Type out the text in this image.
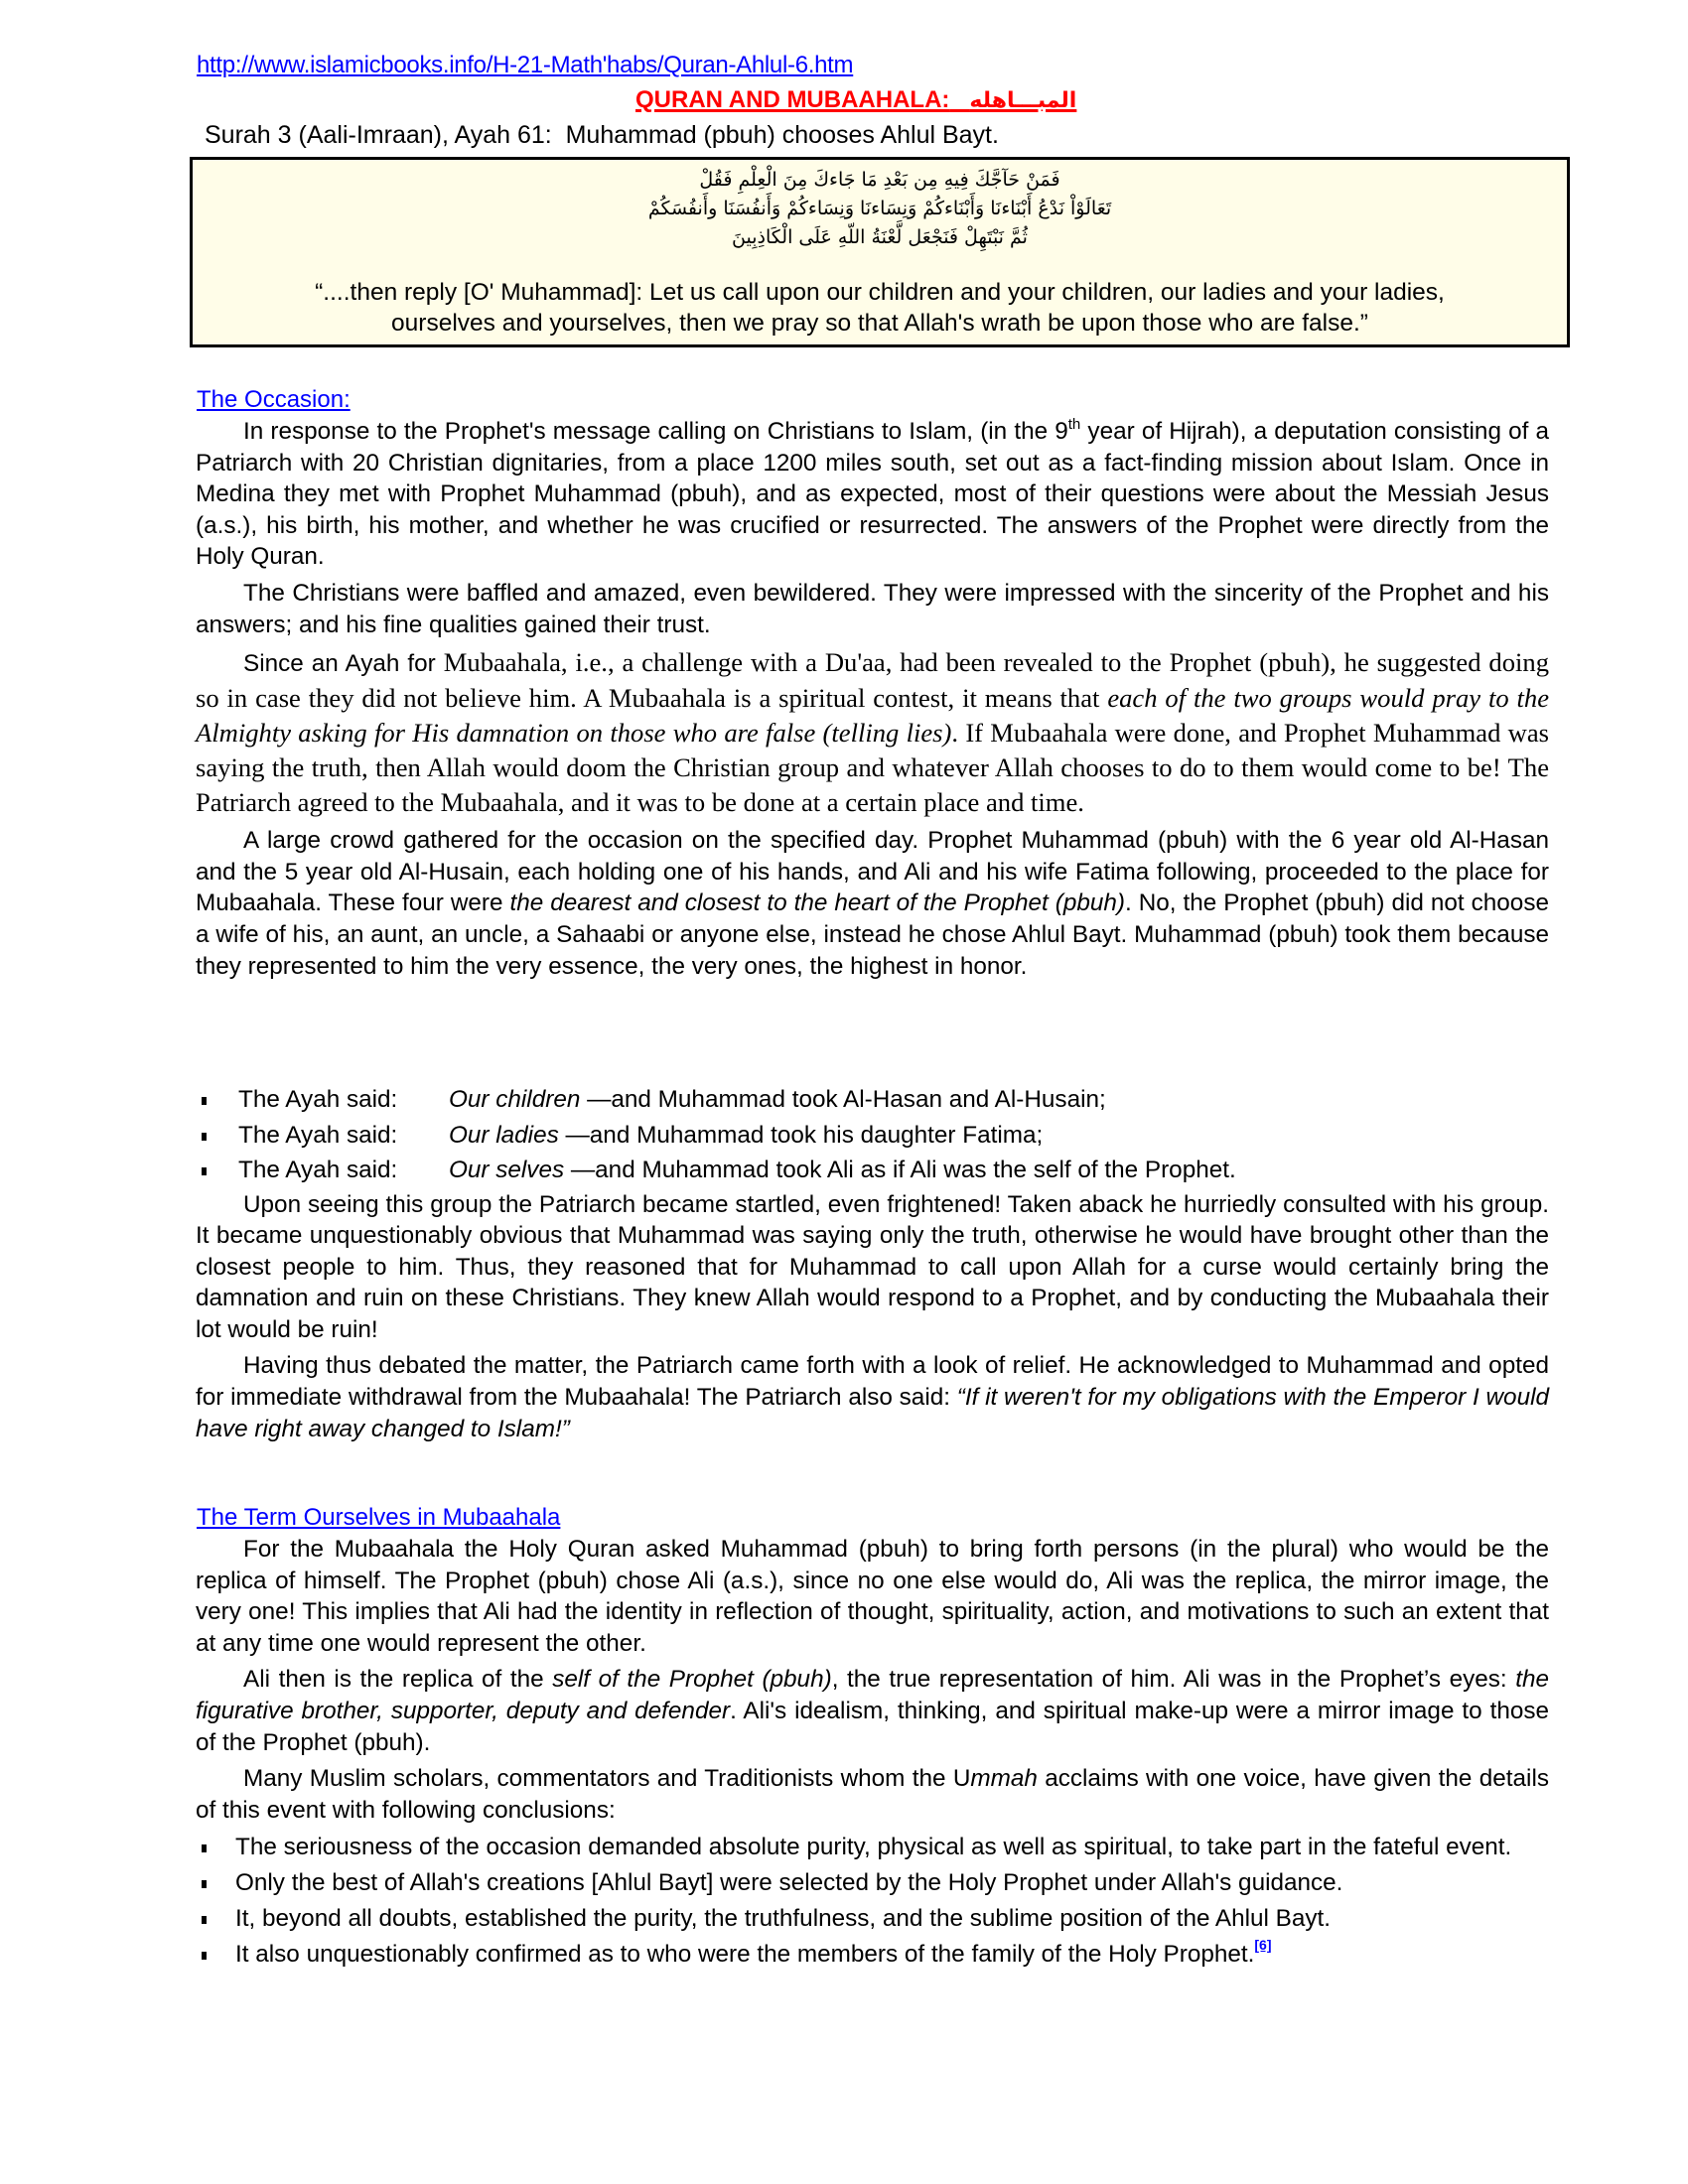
http://www.islamicbooks.info/H-21-Math'habs/Quran-Ahlul-6.htm
QURAN AND MUBAAHALA: المبـــاهله
Surah 3 (Aali-Imraan), Ayah 61:  Muhammad (pbuh) chooses Ahlul Bayt.
فَمَنْ حَآجَّكَ فِيهِ مِن بَعْدِ مَا جَاءكَ مِنَ الْعِلْمِ فَقُلْ
تَعَالَوْاْ نَدْعُ أَبْنَاءنَا وَأَبْنَاءكُمْ وَنِسَاءنَا وَنِسَاءكُمْ وَأَنفُسَنَا وأَنفُسَكُمْ
ثُمَّ نَبْتَهِلْ فَنَجْعَل لَّعْنَةُ اللّهِ عَلَى الْكَاذِبِينَ
“....then reply [O' Muhammad]: Let us call upon our children and your children, our ladies and your ladies,
ourselves and yourselves, then we pray so that Allah's wrath be upon those who are false.”
The Occasion:

In response to the Prophet's message calling on Christians to Islam, (in the 9th year of Hijrah), a deputation consisting of a Patriarch with 20 Christian dignitaries, from a place 1200 miles south, set out as a fact-finding mission about Islam. Once in Medina they met with Prophet Muhammad (pbuh), and as expected, most of their questions were about the Messiah Jesus (a.s.), his birth, his mother, and whether he was crucified or resurrected. The answers of the Prophet were directly from the Holy Quran.

The Christians were baffled and amazed, even bewildered. They were impressed with the sincerity of the Prophet and his answers; and his fine qualities gained their trust.

Since an Ayah for Mubaahala, i.e., a challenge with a Du'aa, had been revealed to the Prophet (pbuh), he suggested doing so in case they did not believe him. A Mubaahala is a spiritual contest, it means that each of the two groups would pray to the Almighty asking for His damnation on those who are false (telling lies). If Mubaahala were done, and Prophet Muhammad was saying the truth, then Allah would doom the Christian group and whatever Allah chooses to do to them would come to be! The Patriarch agreed to the Mubaahala, and it was to be done at a certain place and time.

A large crowd gathered for the occasion on the specified day. Prophet Muhammad (pbuh) with the 6 year old Al-Hasan and the 5 year old Al-Husain, each holding one of his hands, and Ali and his wife Fatima following, proceeded to the place for Mubaahala. These four were the dearest and closest to the heart of the Prophet (pbuh). No, the Prophet (pbuh) did not choose a wife of his, an aunt, an uncle, a Sahaabi or anyone else, instead he chose Ahlul Bayt. Muhammad (pbuh) took them because they represented to him the very essence, the very ones, the highest in honor.

The Ayah said: Our children —and Muhammad took Al-Hasan and Al-Husain;
The Ayah said: Our ladies —and Muhammad took his daughter Fatima;
The Ayah said: Our selves —and Muhammad took Ali as if Ali was the self of the Prophet.

Upon seeing this group the Patriarch became startled, even frightened! Taken aback he hurriedly consulted with his group. It became unquestionably obvious that Muhammad was saying only the truth, otherwise he would have brought other than the closest people to him. Thus, they reasoned that for Muhammad to call upon Allah for a curse would certainly bring the damnation and ruin on these Christians. They knew Allah would respond to a Prophet, and by conducting the Mubaahala their lot would be ruin!

Having thus debated the matter, the Patriarch came forth with a look of relief. He acknowledged to Muhammad and opted for immediate withdrawal from the Mubaahala! The Patriarch also said: “If it weren't for my obligations with the Emperor I would have right away changed to Islam!”

The Term Ourselves in Mubaahala

For the Mubaahala the Holy Quran asked Muhammad (pbuh) to bring forth persons (in the plural) who would be the replica of himself. The Prophet (pbuh) chose Ali (a.s.), since no one else would do, Ali was the replica, the mirror image, the very one! This implies that Ali had the identity in reflection of thought, spirituality, action, and motivations to such an extent that at any time one would represent the other.

Ali then is the replica of the self of the Prophet (pbuh), the true representation of him. Ali was in the Prophet’s eyes: the figurative brother, supporter, deputy and defender. Ali's idealism, thinking, and spiritual make-up were a mirror image to those of the Prophet (pbuh).

Many Muslim scholars, commentators and Traditionists whom the Ummah acclaims with one voice, have given the details of this event with following conclusions:

The seriousness of the occasion demanded absolute purity, physical as well as spiritual, to take part in the fateful event.
Only the best of Allah's creations [Ahlul Bayt] were selected by the Holy Prophet under Allah's guidance.
It, beyond all doubts, established the purity, the truthfulness, and the sublime position of the Ahlul Bayt.
It also unquestionably confirmed as to who were the members of the family of the Holy Prophet.[6]
